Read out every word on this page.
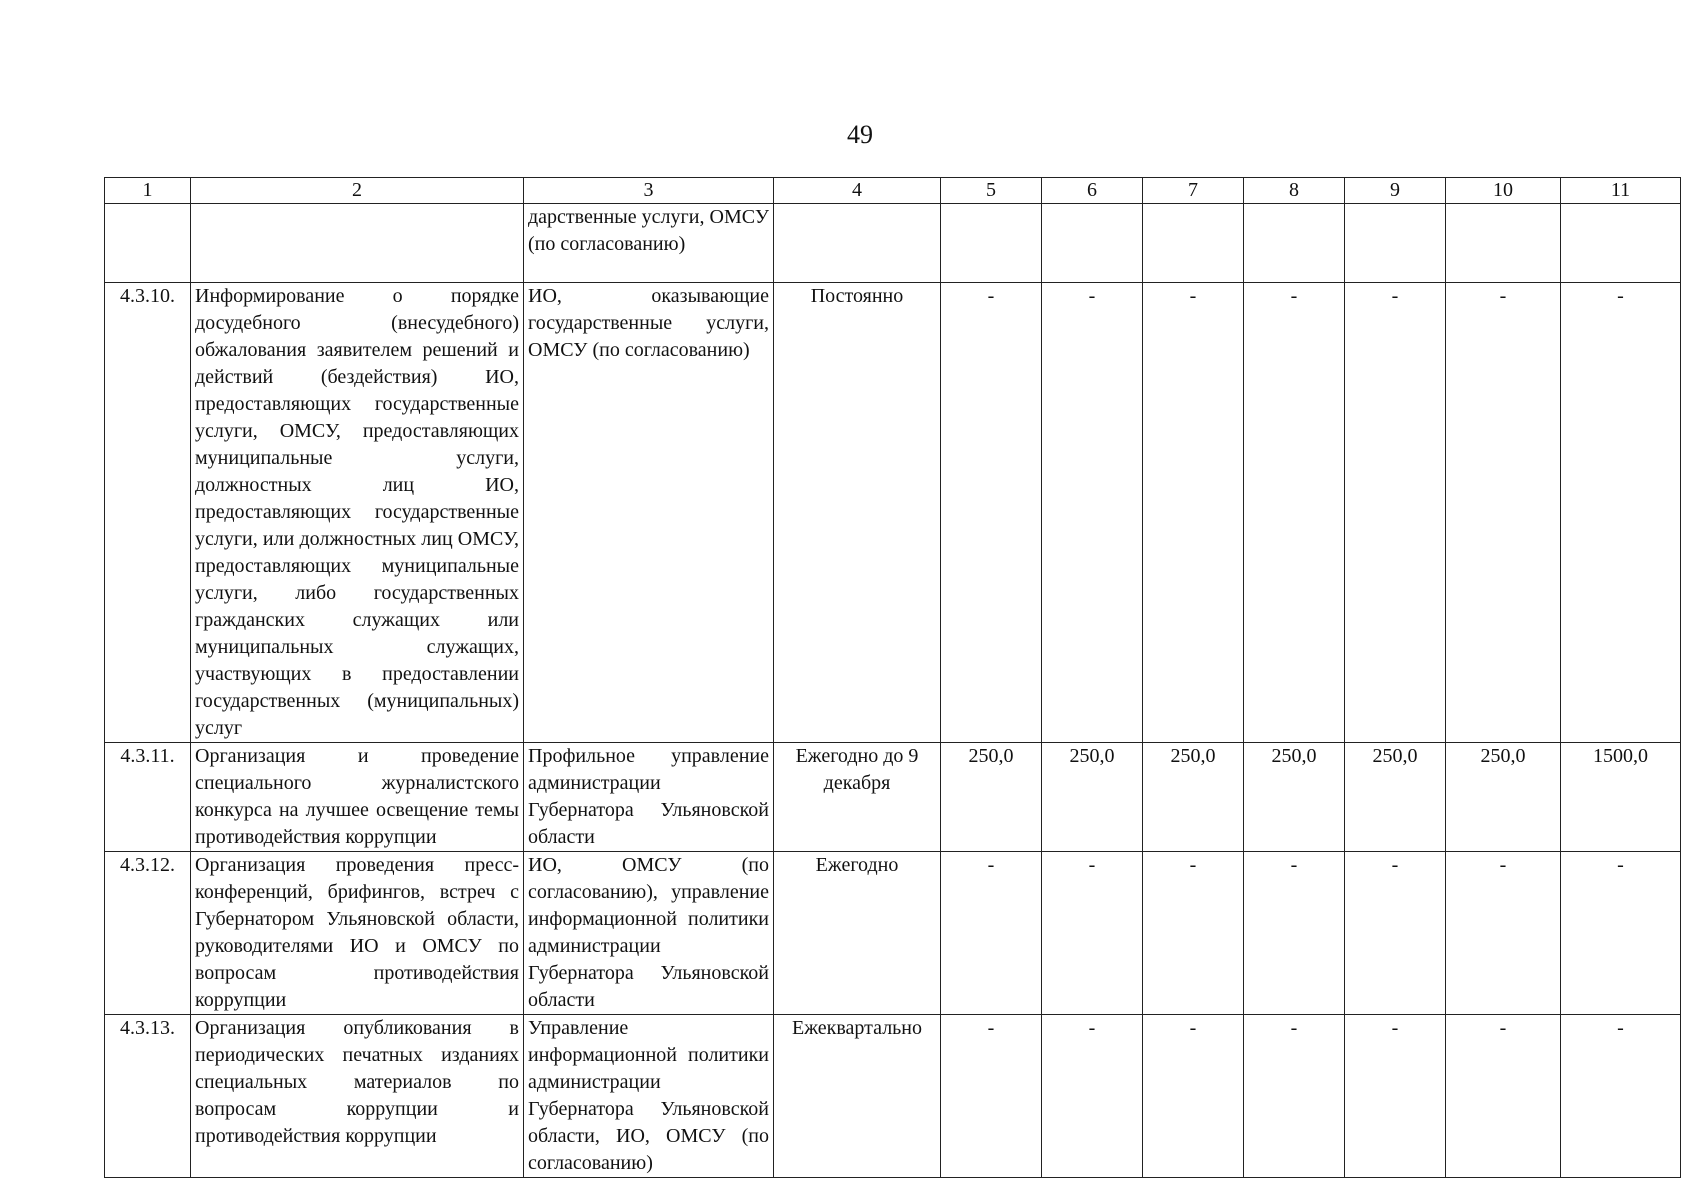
49
1	2	3	4	5	6	7	8	9	10	11
		дарственные услуги, ОМСУ (по согласованию)								
4.3.10.	Информирование о порядке досудебного (внесудебного) обжалования заявителем решений и действий (бездействия) ИО, предоставляющих государственные услуги, ОМСУ, предоставляющих муниципальные услуги, должностных лиц ИО, предоставляющих государственные услуги, или должностных лиц ОМСУ, предоставляющих муниципальные услуги, либо государственных гражданских служащих или муниципальных служащих, участвующих в предоставлении государственных (муниципальных) услуг	ИО, оказывающие государственные услуги, ОМСУ (по согласованию)	Постоянно	-	-	-	-	-	-	-
4.3.11.	Организация и проведение специального журналистского конкурса на лучшее освещение темы противодействия коррупции	Профильное управление администрации Губернатора Ульяновской области	Ежегодно до 9 декабря	250,0	250,0	250,0	250,0	250,0	250,0	1500,0
4.3.12.	Организация проведения пресс-конференций, брифингов, встреч с Губернатором Ульяновской области, руководителями ИО и ОМСУ по вопросам противодействия коррупции	ИО, ОМСУ (по согласованию), управление информационной политики администрации Губернатора Ульяновской области	Ежегодно	-	-	-	-	-	-	-
4.3.13.	Организация опубликования в периодических печатных изданиях специальных материалов по вопросам коррупции и противодействия коррупции	Управление информационной политики администрации Губернатора Ульяновской области, ИО, ОМСУ (по согласованию)	Ежеквартально	-	-	-	-	-	-	-
